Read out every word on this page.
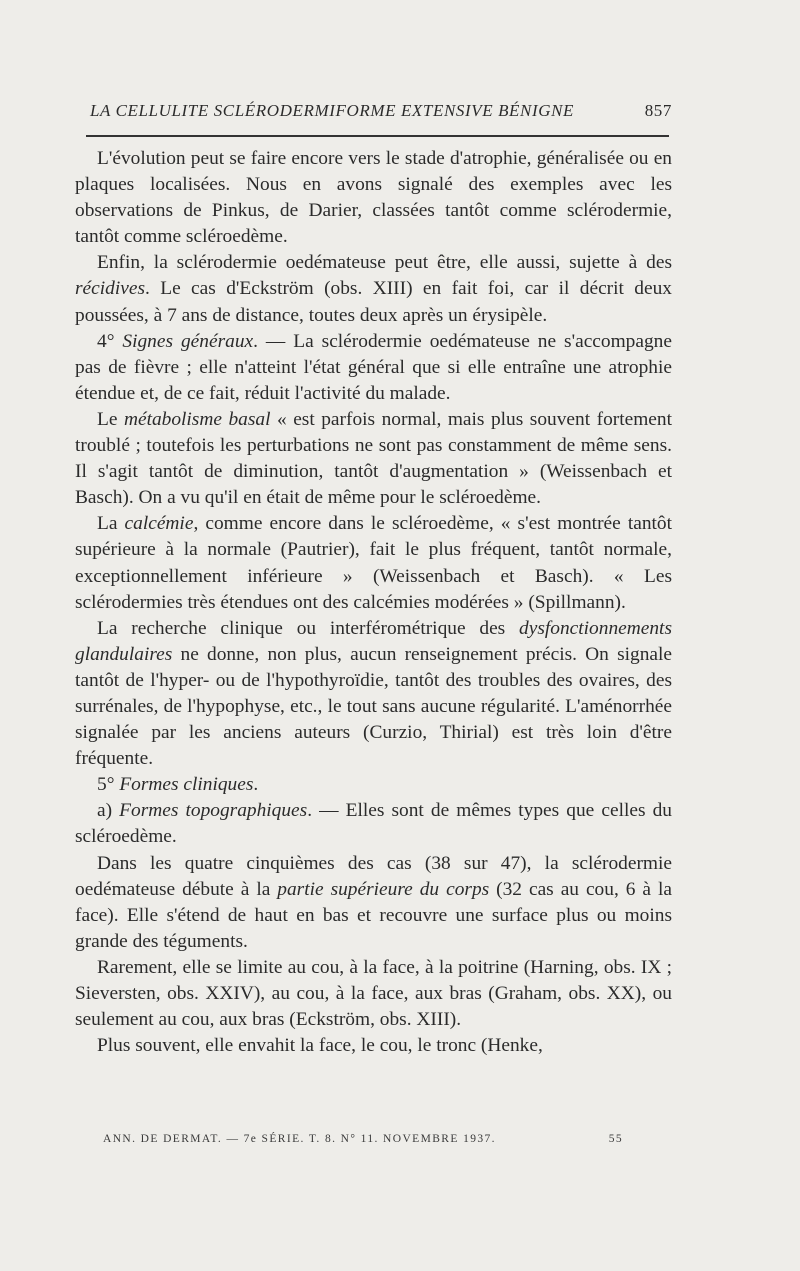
LA CELLULITE SCLÉRODERMIFORME EXTENSIVE BÉNIGNE	857

L'évolution peut se faire encore vers le stade d'atrophie, généralisée ou en plaques localisées. Nous en avons signalé des exemples avec les observations de Pinkus, de Darier, classées tantôt comme sclérodermie, tantôt comme scléroedème.

Enfin, la sclérodermie oedémateuse peut être, elle aussi, sujette à des récidives. Le cas d'Eckström (obs. XIII) en fait foi, car il décrit deux poussées, à 7 ans de distance, toutes deux après un érysipèle.

4° Signes généraux. — La sclérodermie oedémateuse ne s'accompagne pas de fièvre ; elle n'atteint l'état général que si elle entraîne une atrophie étendue et, de ce fait, réduit l'activité du malade.

Le métabolisme basal « est parfois normal, mais plus souvent fortement troublé ; toutefois les perturbations ne sont pas constamment de même sens. Il s'agit tantôt de diminution, tantôt d'augmentation » (Weissenbach et Basch). On a vu qu'il en était de même pour le scléroedème.

La calcémie, comme encore dans le scléroedème, « s'est montrée tantôt supérieure à la normale (Pautrier), fait le plus fréquent, tantôt normale, exceptionnellement inférieure » (Weissenbach et Basch). « Les sclérodermies très étendues ont des calcémies modérées » (Spillmann).

La recherche clinique ou interférométrique des dysfonctionnements glandulaires ne donne, non plus, aucun renseignement précis. On signale tantôt de l'hyper- ou de l'hypothyroïdie, tantôt des troubles des ovaires, des surrénales, de l'hypophyse, etc., le tout sans aucune régularité. L'aménorrhée signalée par les anciens auteurs (Curzio, Thirial) est très loin d'être fréquente.

5° Formes cliniques.

a) Formes topographiques. — Elles sont de mêmes types que celles du scléroedème.

Dans les quatre cinquièmes des cas (38 sur 47), la sclérodermie oedémateuse débute à la partie supérieure du corps (32 cas au cou, 6 à la face). Elle s'étend de haut en bas et recouvre une surface plus ou moins grande des téguments.

Rarement, elle se limite au cou, à la face, à la poitrine (Harning, obs. IX ; Sieversten, obs. XXIV), au cou, à la face, aux bras (Graham, obs. XX), ou seulement au cou, aux bras (Eckström, obs. XIII).

Plus souvent, elle envahit la face, le cou, le tronc (Henke,

ANN. DE DERMAT. — 7e SÉRIE. T. 8. N° 11. NOVEMBRE 1937.	55
